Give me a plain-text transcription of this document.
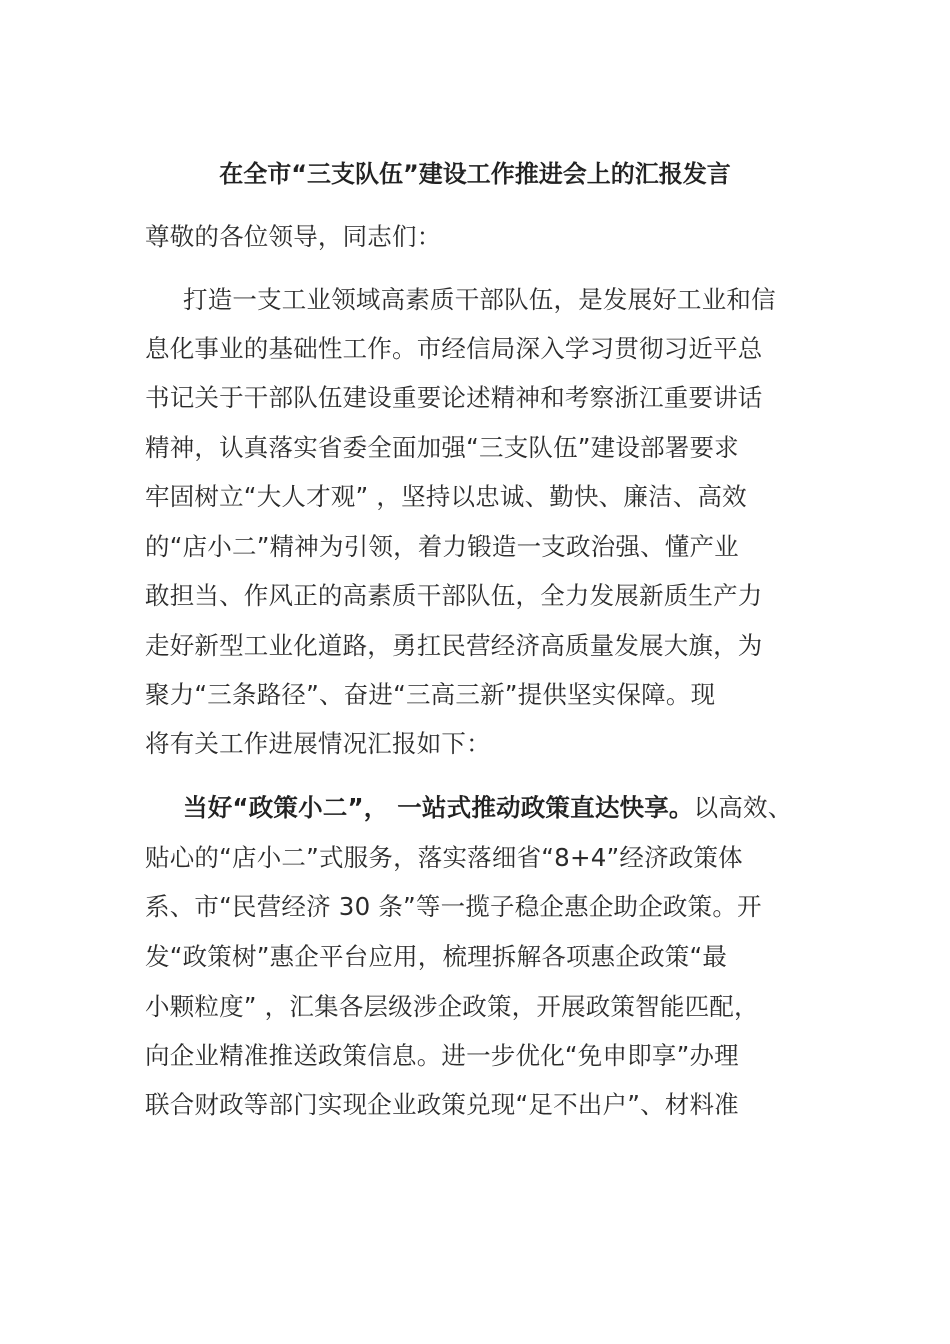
在全市“三支队伍”建设工作推进会上的汇报发言
尊敬的各位领导，同志们：
打造一支工业领域高素质干部队伍，是发展好工业和信
息化事业的基础性工作。市经信局深入学习贯彻习近平总
书记关于干部队伍建设重要论述精神和考察浙江重要讲话
精神，认真落实省委全面加强“三支队伍”建设部署要求
牢固树立“大人才观” ，坚持以忠诚、勤快、廉洁、高效
的“店小二”精神为引领，着力锻造一支政治强、懂产业
敢担当、作风正的高素质干部队伍，全力发展新质生产力
走好新型工业化道路，勇扛民营经济高质量发展大旗，为
聚力“三条路径”、奋进“三高三新”提供坚实保障。现
将有关工作进展情况汇报如下：
当好“政策小二”， 一站式推动政策直达快享。以高效、
贴心的“店小二”式服务，落实落细省“8+4”经济政策体
系、市“民营经济 30 条”等一揽子稳企惠企助企政策。开
发“政策树”惠企平台应用，梳理拆解各项惠企政策“最
小颗粒度” ，汇集各层级涉企政策，开展政策智能匹配，
向企业精准推送政策信息。进一步优化“免申即享”办理
联合财政等部门实现企业政策兑现“足不出户”、材料准
